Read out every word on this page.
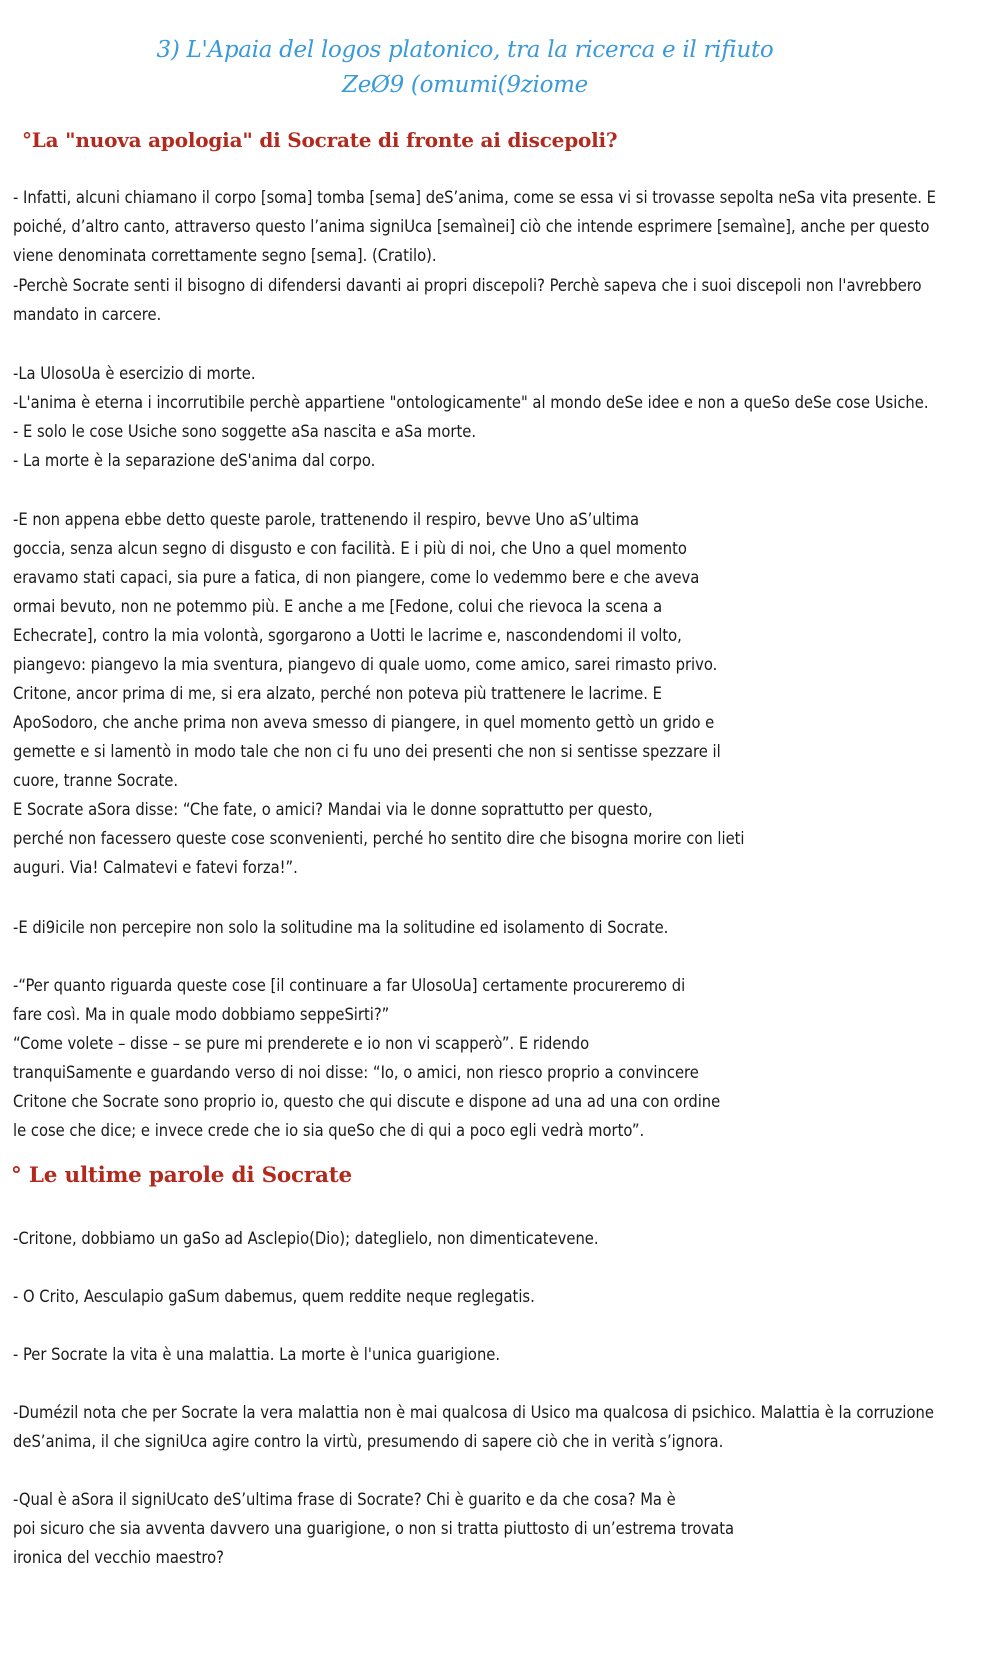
3) L'Apaia del logos platonico, tra la ricerca e il rifiuto
ZeØ9 (omumi(9ziome
°La "nuova apologia" di Socrate di fronte ai discepoli?
- Infatti, alcuni chiamano il corpo [soma] tomba [sema] deS’anima, come se essa vi si trovasse sepolta neSa vita presente. E
poiché, d’altro canto, attraverso questo l’anima signiUca [semaìnei] ciò che intende esprimere [semaìne], anche per questo
viene denominata correttamente segno [sema]. (Cratilo).
-Perchè Socrate senti il bisogno di difendersi davanti ai propri discepoli? Perchè sapeva che i suoi discepoli non l'avrebbero
mandato in carcere.
-La UlosoUa è esercizio di morte.
-L'anima è eterna i incorrutibile perchè appartiene "ontologicamente" al mondo deSe idee e non a queSo deSe cose Usiche.
- E solo le cose Usiche sono soggette aSa nascita e aSa morte.
- La morte è la separazione deS'anima dal corpo.
-E non appena ebbe detto queste parole, trattenendo il respiro, bevve Uno aS’ultima
goccia, senza alcun segno di disgusto e con facilità. E i più di noi, che Uno a quel momento
eravamo stati capaci, sia pure a fatica, di non piangere, come lo vedemmo bere e che aveva
ormai bevuto, non ne potemmo più. E anche a me [Fedone, colui che rievoca la scena a
Echecrate], contro la mia volontà, sgorgarono a Uotti le lacrime e, nascondendomi il volto,
piangevo: piangevo la mia sventura, piangevo di quale uomo, come amico, sarei rimasto privo.
Critone, ancor prima di me, si era alzato, perché non poteva più trattenere le lacrime. E
ApoSodoro, che anche prima non aveva smesso di piangere, in quel momento gettò un grido e
gemette e si lamentò in modo tale che non ci fu uno dei presenti che non si sentisse spezzare il
cuore, tranne Socrate.
E Socrate aSora disse: “Che fate, o amici? Mandai via le donne soprattutto per questo,
perché non facessero queste cose sconvenienti, perché ho sentito dire che bisogna morire con lieti
auguri. Via! Calmatevi e fatevi forza!”.
-E di9icile non percepire non solo la solitudine ma la solitudine ed isolamento di Socrate.
-“Per quanto riguarda queste cose [il continuare a far UlosoUa] certamente procureremo di
fare così. Ma in quale modo dobbiamo seppeSirti?”
“Come volete – disse – se pure mi prenderete e io non vi scapperò”. E ridendo
tranquiSamente e guardando verso di noi disse: “Io, o amici, non riesco proprio a convincere
Critone che Socrate sono proprio io, questo che qui discute e dispone ad una ad una con ordine
le cose che dice; e invece crede che io sia queSo che di qui a poco egli vedrà morto”.
° Le ultime parole di Socrate
-Critone, dobbiamo un gaSo ad Asclepio(Dio); dateglielo, non dimenticatevene.
- O Crito, Aesculapio gaSum dabemus, quem reddite neque reglegatis.
- Per Socrate la vita è una malattia. La morte è l'unica guarigione.
-Dumézil nota che per Socrate la vera malattia non è mai qualcosa di Usico ma qualcosa di psichico. Malattia è la corruzione
deS’anima, il che signiUca agire contro la virtù, presumendo di sapere ciò che in verità s’ignora.
-Qual è aSora il signiUcato deS’ultima frase di Socrate? Chi è guarito e da che cosa? Ma è
poi sicuro che sia avventa davvero una guarigione, o non si tratta piuttosto di un’estrema trovata
ironica del vecchio maestro?
